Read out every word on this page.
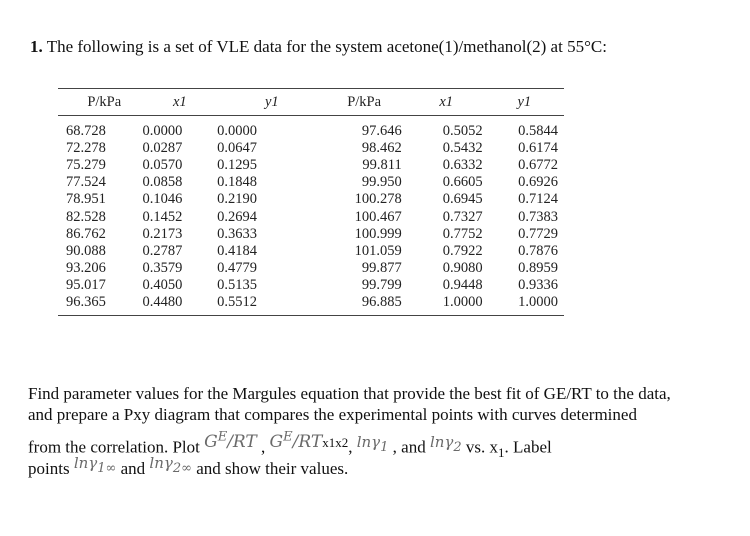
1. The following is a set of VLE data for the system acetone(1)/methanol(2) at 55°C:

P/kPa	x1	y1	P/kPa	x1	y1
68.728	0.0000	0.0000	97.646	0.5052	0.5844
72.278	0.0287	0.0647	98.462	0.5432	0.6174
75.279	0.0570	0.1295	99.811	0.6332	0.6772
77.524	0.0858	0.1848	99.950	0.6605	0.6926
78.951	0.1046	0.2190	100.278	0.6945	0.7124
82.528	0.1452	0.2694	100.467	0.7327	0.7383
86.762	0.2173	0.3633	100.999	0.7752	0.7729
90.088	0.2787	0.4184	101.059	0.7922	0.7876
93.206	0.3579	0.4779	99.877	0.9080	0.8959
95.017	0.4050	0.5135	99.799	0.9448	0.9336
96.365	0.4480	0.5512	96.885	1.0000	1.0000

Find parameter values for the Margules equation that provide the best fit of GE/RT to the data,

and prepare a Pxy diagram that compares the experimental points with curves determined

from the correlation. Plot $G^E/RT$ , $G^E/RT^{x1x2}$, lnγ$_1$ , and lnγ$_2$ vs. $x_1$. Label

points lnγ$_{1\infty}$ and lnγ$_{2\infty}$ and show their values.
